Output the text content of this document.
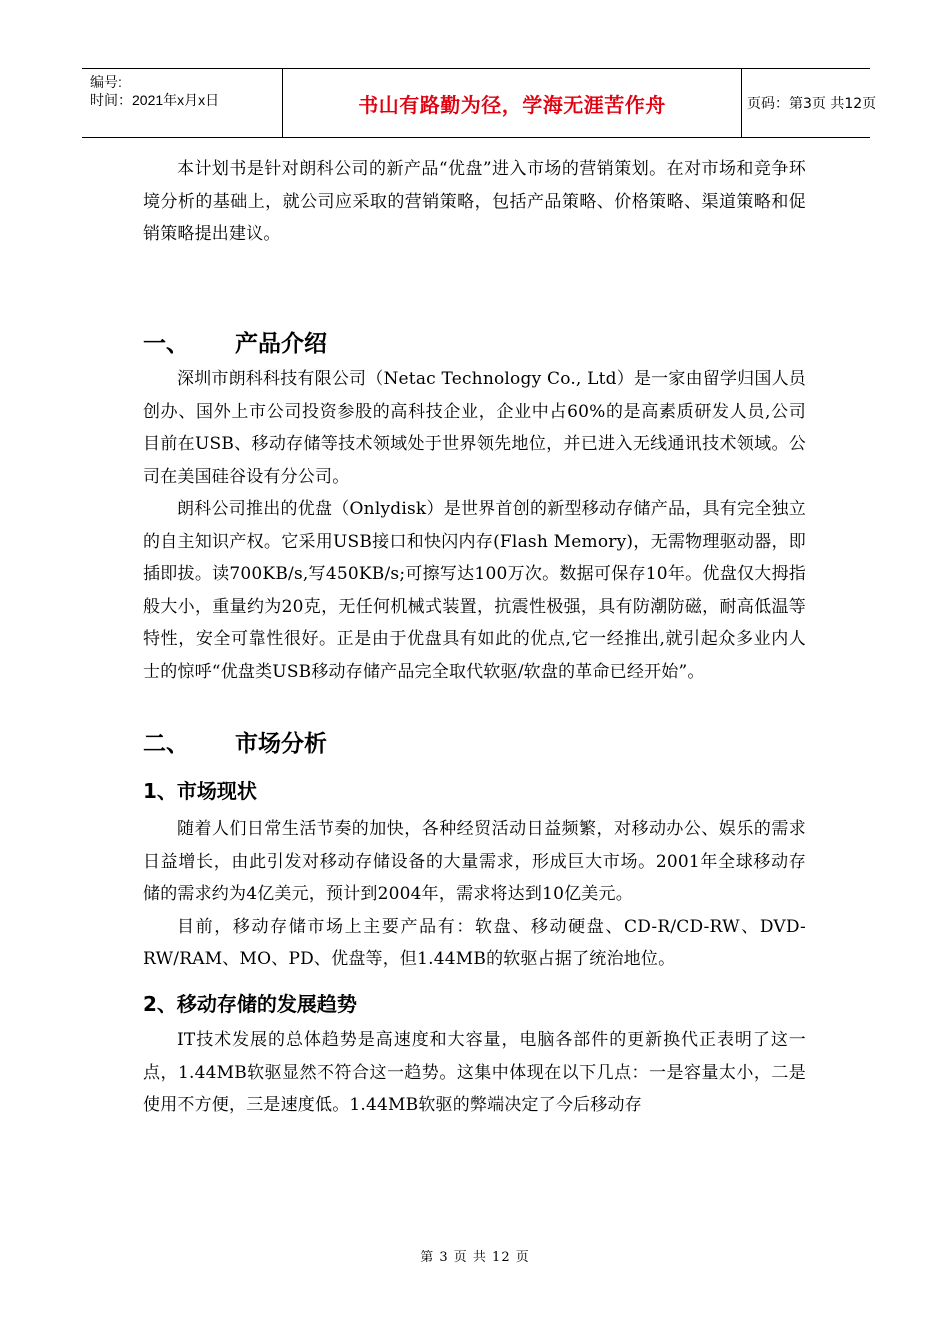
编号:
时间：2021年x月x日	书山有路勤为径，学海无涯苦作舟	页码：第3页 共12页

本计划书是针对朗科公司的新产品“优盘”进入市场的营销策划。在对市场和竞争环境分析的基础上，就公司应采取的营销策略，包括产品策略、价格策略、渠道策略和促销策略提出建议。

一、 产品介绍

深圳市朗科科技有限公司（Netac Technology Co., Ltd）是一家由留学归国人员创办、国外上市公司投资参股的高科技企业，企业中占60%的是高素质研发人员,公司目前在USB、移动存储等技术领域处于世界领先地位，并已进入无线通讯技术领域。公司在美国硅谷设有分公司。

朗科公司推出的优盘（Onlydisk）是世界首创的新型移动存储产品，具有完全独立的自主知识产权。它采用USB接口和快闪内存(Flash Memory)，无需物理驱动器，即插即拔。读700KB/s,写450KB/s;可擦写达100万次。数据可保存10年。优盘仅大拇指般大小，重量约为20克，无任何机械式装置，抗震性极强，具有防潮防磁，耐高低温等特性，安全可靠性很好。正是由于优盘具有如此的优点,它一经推出,就引起众多业内人士的惊呼“优盘类USB移动存储产品完全取代软驱/软盘的革命已经开始”。

二、 市场分析
1、市场现状

随着人们日常生活节奏的加快，各种经贸活动日益频繁，对移动办公、娱乐的需求日益增长，由此引发对移动存储设备的大量需求，形成巨大市场。2001年全球移动存储的需求约为4亿美元，预计到2004年，需求将达到10亿美元。

目前，移动存储市场上主要产品有：软盘、移动硬盘、CD-R/CD-RW、DVD-RW/RAM、MO、PD、优盘等，但1.44MB的软驱占据了统治地位。

2、移动存储的发展趋势

IT技术发展的总体趋势是高速度和大容量，电脑各部件的更新换代正表明了这一点，1.44MB软驱显然不符合这一趋势。这集中体现在以下几点：一是容量太小，二是使用不方便，三是速度低。1.44MB软驱的弊端决定了今后移动存

第 3 页 共 12 页
